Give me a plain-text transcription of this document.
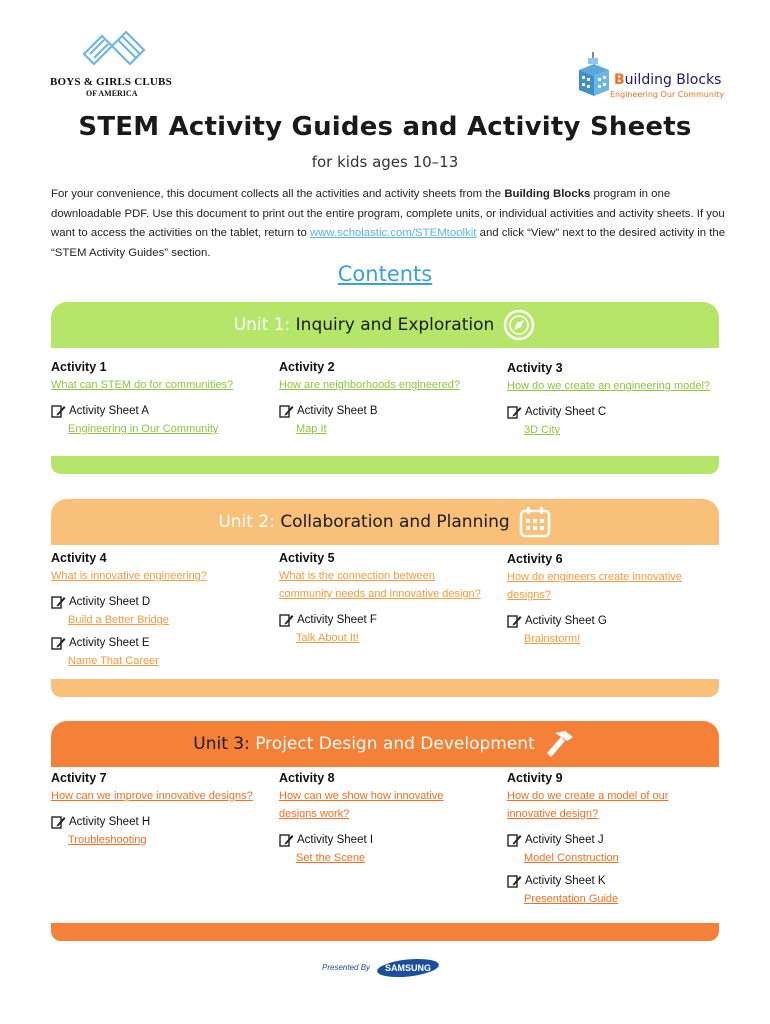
BOYS & GIRLS CLUBS
OF AMERICA
Building Blocks
Engineering Our Community
STEM Activity Guides and Activity Sheets
for kids ages 10–13

For your convenience, this document collects all the activities and activity sheets from the Building Blocks program in one downloadable PDF. Use this document to print out the entire program, complete units, or individual activities and activity sheets. If you want to access the activities on the tablet, return to www.scholastic.com/STEMtoolkit and click “View” next to the desired activity in the “STEM Activity Guides” section.

Contents
Unit 1: Inquiry and Exploration
Activity 1
What can STEM do for communities?
Activity Sheet A
Engineering in Our Community
Activity 2
How are neighborhoods engineered?
Activity Sheet B
Map It
Activity 3
How do we create an engineering model?
Activity Sheet C
3D City
Unit 2: Collaboration and Planning
Activity 4
What is innovative engineering?
Activity Sheet D
Build a Better Bridge
Activity Sheet E
Name That Career
Activity 5
What is the connection between
community needs and innovative design?
Activity Sheet F
Talk About It!
Activity 6
How do engineers create innovative
designs?
Activity Sheet G
Brainstorm!
Unit 3: Project Design and Development
Activity 7
How can we improve innovative designs?
Activity Sheet H
Troubleshooting
Activity 8
How can we show how innovative
designs work?
Activity Sheet I
Set the Scene
Activity 9
How do we create a model of our
innovative design?
Activity Sheet J
Model Construction
Activity Sheet K
Presentation Guide
Presented By SAMSUNG
